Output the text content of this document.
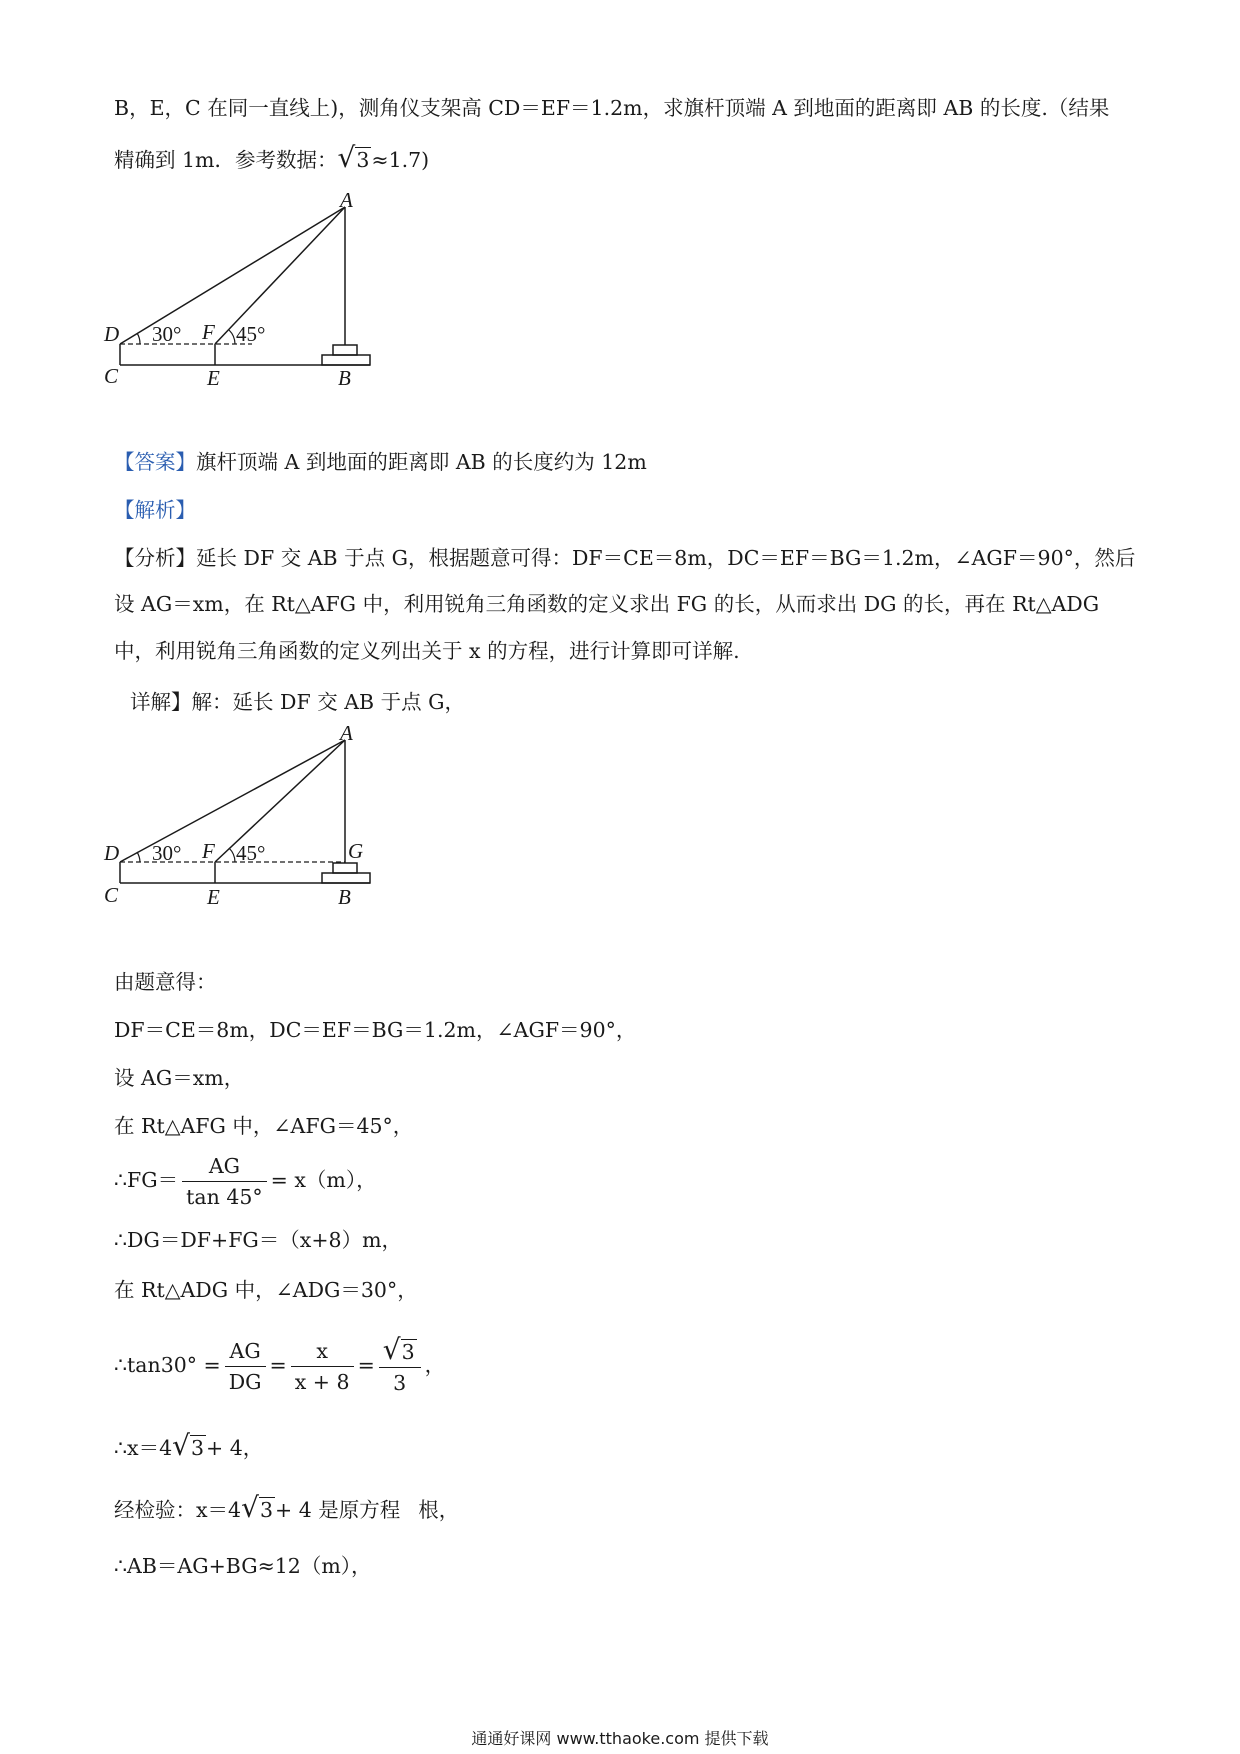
B，E，C 在同一直线上)，测角仪支架高 CD＝EF＝1.2m，求旗杆顶端 A 到地面的距离即 AB 的长度.（结果
精确到 1m．参考数据：√3≈1.7)
A
D 30° F 45°
C	E	B
【答案】旗杆顶端 A 到地面的距离即 AB 的长度约为 12m
【解析】
【分析】延长 DF 交 AB 于点 G，根据题意可得：DF＝CE＝8m，DC＝EF＝BG＝1.2m，∠AGF＝90°，然后
设 AG＝xm，在 Rt△AFG 中，利用锐角三角函数的定义求出 FG 的长，从而求出 DG 的长，再在 Rt△ADG
中，利用锐角三角函数的定义列出关于 x 的方程，进行计算即可详解.
详解】解：延长 DF 交 AB 于点 G，
A
D 30° F 45°	G
C	E	B
由题意得：
DF＝CE＝8m，DC＝EF＝BG＝1.2m，∠AGF＝90°，
设 AG＝xm，
在 Rt△AFG 中，∠AFG＝45°，
∴FG＝ $\frac{AG}{\tan 45^\circ} = x(m)$，
∴DG＝DF+FG＝（x+8）m，
在 Rt△ADG 中，∠ADG＝30°，
∴tan30° = $\frac{AG}{DG} = \frac{x}{x + 8} = \frac{√3}{3}$ ，
∴x＝4√3+ 4，
经检验：x＝4√3+ 4 是原方程 根，
∴AB＝AG+BG≈12（m），
通通好课网 www.tthaoke.com 提供下载
